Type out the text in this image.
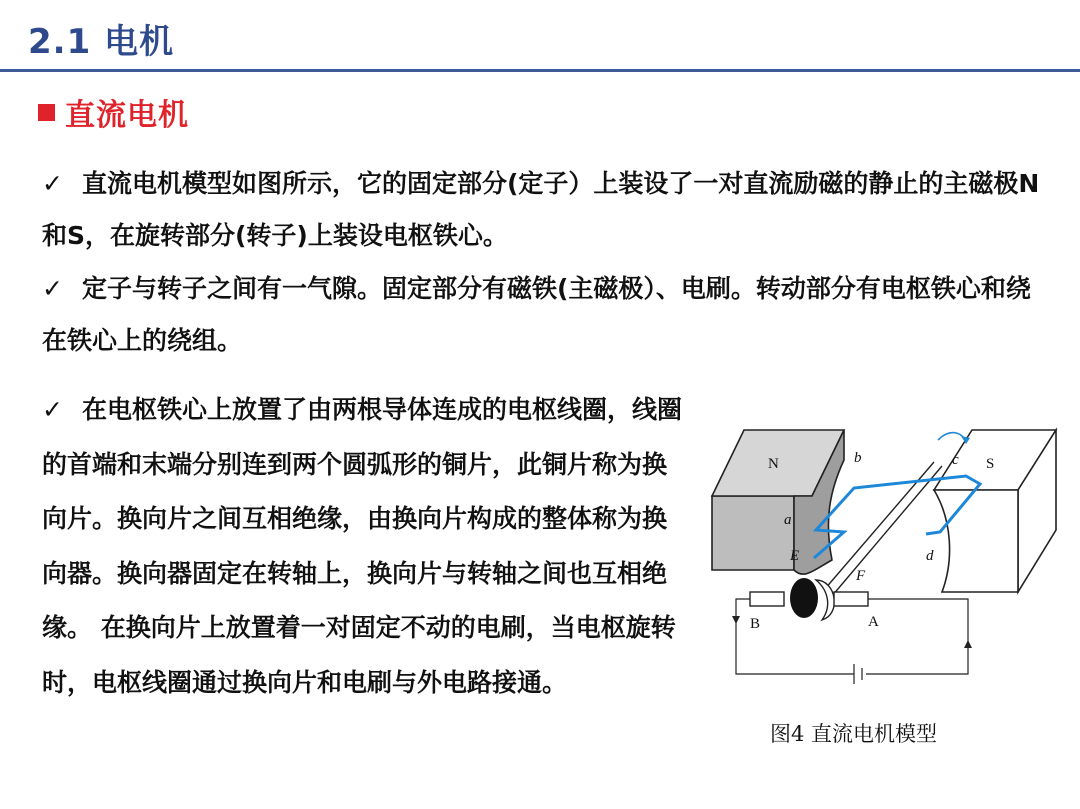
2.1 电机
直流电机
✓ 直流电机模型如图所示，它的固定部分(定子）上装设了一对直流励磁的静止的主磁极N和S，在旋转部分(转子)上装设电枢铁心。
✓ 定子与转子之间有一气隙。固定部分有磁铁(主磁极）、电刷。转动部分有电枢铁心和绕在铁心上的绕组。
✓ 在电枢铁心上放置了由两根导体连成的电枢线圈，线圈的首端和末端分别连到两个圆弧形的铜片，此铜片称为换向片。换向片之间互相绝缘，由换向片构成的整体称为换向器。换向器固定在转轴上，换向片与转轴之间也互相绝缘。 在换向片上放置着一对固定不动的电刷，当电枢旋转时，电枢线圈通过换向片和电刷与外电路接通。
N	S
a
b	c
d
E
F
A
B
图4 直流电机模型
